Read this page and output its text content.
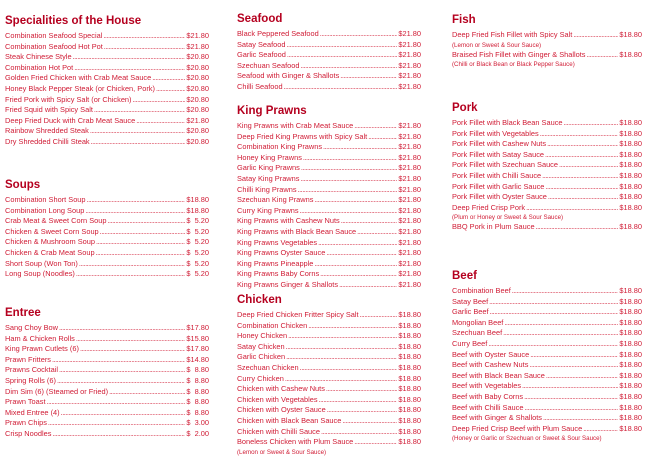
Specialities of the House
Combination Seafood Special .....	$21.80
Combination Seafood Hot Pot .....	$21.80
Steak Chinese Style .....	$20.80
Combination Hot Pot .....	$20.80
Golden Fried Chicken with Crab Meat Sauce .....	$20.80
Honey Black Pepper Steak (or Chicken, Pork) .....	$20.80
Fried Pork with Spicy Salt (or Chicken) .....	$20.80
Fried Squid with Spicy Salt .....	$20.80
Deep Fried Duck with Crab Meat Sauce .....	$21.80
Rainbow Shredded Steak .....	$20.80
Dry Shredded Chilli Steak .....	$20.80
Soups
Combination Short Soup .....	$18.80
Combination Long Soup .....	$18.80
Crab Meat & Sweet Corn Soup .....	$  5.20
Chicken & Sweet Corn Soup .....	$  5.20
Chicken & Mushroom Soup .....	$  5.20
Chicken & Crab Meat Soup .....	$  5.20
Short Soup (Won Ton) .....	$  5.20
Long Soup (Noodles) .....	$  5.20
Entree
Sang Choy Bow .....	$17.80
Ham & Chicken Rolls .....	$15.80
King Prawn Cutlets (6) .....	$17.80
Prawn Fritters .....	$14.80
Prawns Cocktail .....	$  8.80
Spring Rolls (6) .....	$  8.80
Dim Sim (6) (Steamed or Fried) .....	$  8.80
Prawn Toast .....	$  8.80
Mixed Entree (4) .....	$  8.80
Prawn Chips .....	$  3.00
Crisp Noodles .....	$  2.00
Seafood
Black Peppered Seafood .....	$21.80
Satay Seafood .....	$21.80
Garlic Seafood .....	$21.80
Szechuan Seafood .....	$21.80
Seafood with Ginger & Shallots .....	$21.80
Chilli Seafood .....	$21.80
King Prawns
King Prawns with Crab Meat Sauce .....	$21.80
Deep Fried King Prawns with Spicy Salt .....	$21.80
Combination King Prawns .....	$21.80
Honey King Prawns .....	$21.80
Garlic King Prawns .....	$21.80
Satay King Prawns .....	$21.80
Chilli King Prawns .....	$21.80
Szechuan King Prawns .....	$21.80
Curry King Prawns .....	$21.80
King Prawns with Cashew Nuts .....	$21.80
King Prawns with Black Bean Sauce .....	$21.80
King Prawns Vegetables .....	$21.80
King Prawns Oyster Sauce .....	$21.80
King Prawns Pineapple .....	$21.80
King Prawns Baby Corns .....	$21.80
King Prawns Ginger & Shallots .....	$21.80
Chicken
Deep Fried Chicken Fritter Spicy Salt .....	$18.80
Combination Chicken .....	$18.80
Honey Chicken .....	$18.80
Satay Chicken .....	$18.80
Garlic Chicken .....	$18.80
Szechuan Chicken .....	$18.80
Curry Chicken .....	$18.80
Chicken with Cashew Nuts .....	$18.80
Chicken with Vegetables .....	$18.80
Chicken with Oyster Sauce .....	$18.80
Chicken with Black Bean Sauce .....	$18.80
Chicken with Chilli Sauce .....	$18.80
Boneless Chicken with Plum Sauce .....	$18.80
(Lemon or Sweet & Sour Sauce)
Fish
Deep Fried Fish Fillet with Spicy Salt .....	$18.80
(Lemon or Sweet & Sour Sauce)
Braised Fish Fillet with Ginger & Shallots .....	$18.80
(Chilli or Black Bean or Black Pepper Sauce)
Pork
Pork Fillet with Black Bean Sauce .....	$18.80
Pork Fillet with Vegetables .....	$18.80
Pork Fillet with Cashew Nuts .....	$18.80
Pork Fillet with Satay Sauce .....	$18.80
Pork Fillet with Szechuan Sauce .....	$18.80
Pork Fillet with Chilli Sauce .....	$18.80
Pork Fillet with Garlic Sauce .....	$18.80
Pork Fillet with Oyster Sauce .....	$18.80
Deep Fried Crisp Pork .....	$18.80
(Plum or Honey or Sweet & Sour Sauce)
BBQ Pork in Plum Sauce .....	$18.80
Beef
Combination Beef .....	$18.80
Satay Beef .....	$18.80
Garlic Beef .....	$18.80
Mongolian Beef .....	$18.80
Szechuan Beef .....	$18.80
Curry Beef .....	$18.80
Beef with Oyster Sauce .....	$18.80
Beef with Cashew Nuts .....	$18.80
Beef with Black Bean Sauce .....	$18.80
Beef with Vegetables .....	$18.80
Beef with Baby Corns .....	$18.80
Beef with Chilli Sauce .....	$18.80
Beef with Ginger & Shallots .....	$18.80
Deep Fried Crisp Beef with Plum Sauce .....	$18.80
(Honey or Garlic or Szechuan or Sweet & Sour Sauce)
